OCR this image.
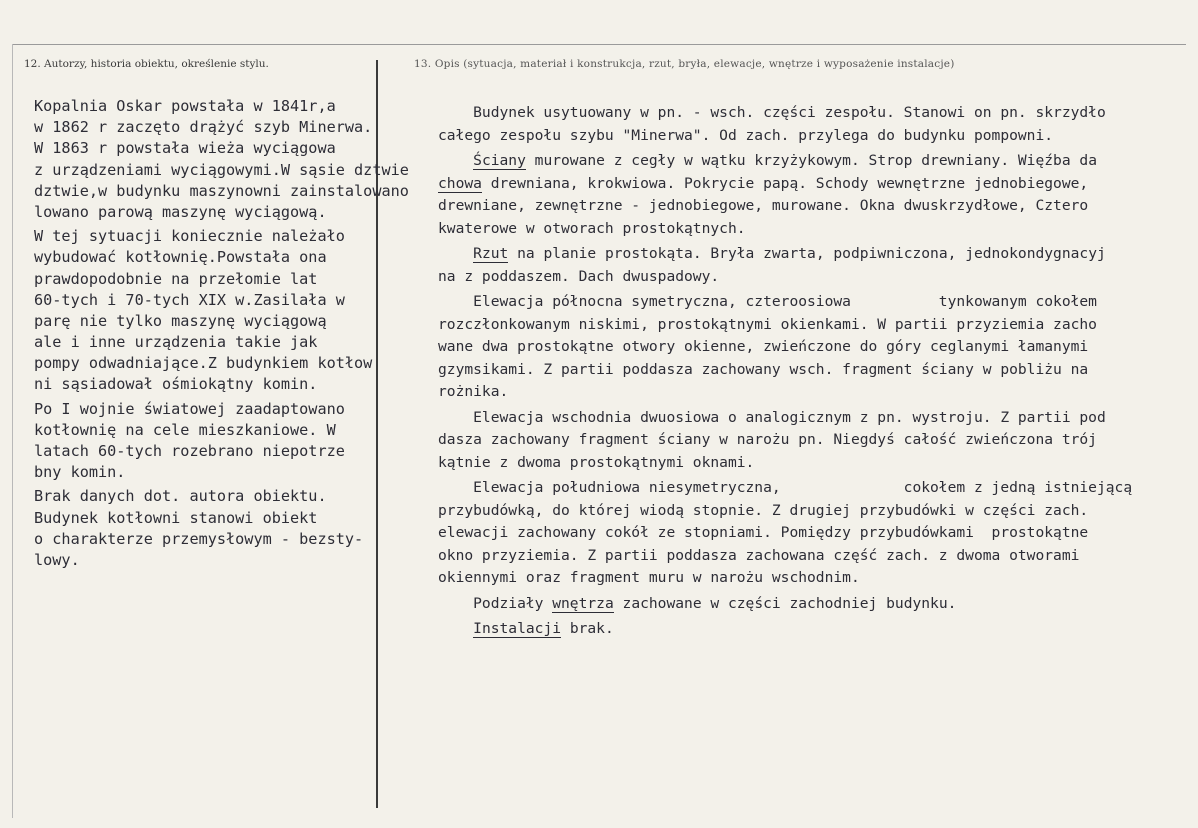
12. Autorzy, historia obiektu, określenie stylu.	13. Opis (sytuacja, materiał i konstrukcja, rzut, bryła, elewacje, wnętrze i wyposażenie instalacje)
Kopalnia Oskar powstała w 1841r,a
w 1862 r zaczęto drążyć szyb Minerwa.
W 1863 r powstała wieża wyciągowa
z urządzeniami wyciągowymi.W sąsie dztwie
dztwie,w budynku maszynowni zainstalowano
lowano parową maszynę wyciągową.
W tej sytuacji koniecznie należało
wybudować kotłownię.Powstała ona
prawdopodobnie na przełomie lat
60-tych i 70-tych XIX w.Zasilała w
parę nie tylko maszynę wyciągową
ale i inne urządzenia takie jak
pompy odwadniające.Z budynkiem kotłow
ni sąsiadował ośmiokątny komin.
Po I wojnie światowej zaadaptowano
kotłownię na cele mieszkaniowe. W
latach 60-tych rozebrano niepotrze
bny komin.
Brak danych dot. autora obiektu.
Budynek kotłowni stanowi obiekt
o charakterze przemysłowym - bezsty-
lowy.
Budynek usytuowany w pn. - wsch. części zespołu. Stanowi on pn. skrzydło
całego zespołu szybu "Minerwa". Od zach. przylega do budynku pompowni.
Ściany murowane z cegły w wątku krzyżykowym. Strop drewniany. Więźba da
chowa drewniana, krokwiowa. Pokrycie papą. Schody wewnętrzne jednobiegowe,
drewniane, zewnętrzne - jednobiegowe, murowane. Okna dwuskrzydłowe, Cztero
kwaterowe w otworach prostokątnych.
Rzut na planie prostokąta. Bryła zwarta, podpiwniczona, jednokondygnacyj
na z poddaszem. Dach dwuspadowy.
Elewacja północna symetryczna, czteroosiowa          tynkowanym cokołem
rozczłonkowanym niskimi, prostokątnymi okienkami. W partii przyziemia zacho
wane dwa prostokątne otwory okienne, zwieńczone do góry ceglanymi łamanymi
gzymsikami. Z partii poddasza zachowany wsch. fragment ściany w pobliżu na
rożnika.
Elewacja wschodnia dwuosiowa o analogicznym z pn. wystroju. Z partii pod
dasza zachowany fragment ściany w narożu pn. Niegdyś całość zwieńczona trój
kątnie z dwoma prostokątnymi oknami.
Elewacja południowa niesymetryczna,              cokołem z jedną istniejącą
przybudówką, do której wiodą stopnie. Z drugiej przybudówki w części zach.
elewacji zachowany cokół ze stopniami. Pomiędzy przybudówkami  prostokątne
okno przyziemia. Z partii poddasza zachowana część zach. z dwoma otworami
okiennymi oraz fragment muru w narożu wschodnim.
Podziały wnętrza zachowane w części zachodniej budynku.
Instalacji brak.
